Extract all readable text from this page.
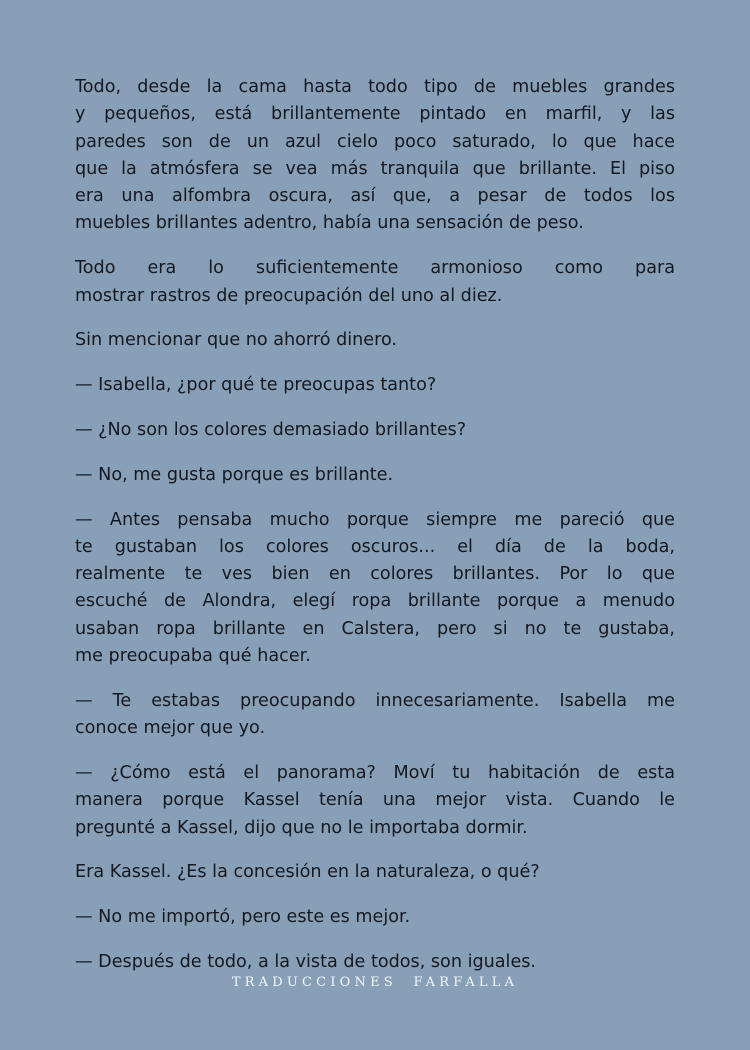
Todo, desde la cama hasta todo tipo de muebles grandes
y pequeños, está brillantemente pintado en marfil, y las
paredes son de un azul cielo poco saturado, lo que hace
que la atmósfera se vea más tranquila que brillante. El piso
era una alfombra oscura, así que, a pesar de todos los
muebles brillantes adentro, había una sensación de peso.
Todo era lo suficientemente armonioso como para
mostrar rastros de preocupación del uno al diez.
Sin mencionar que no ahorró dinero.
— Isabella, ¿por qué te preocupas tanto?
— ¿No son los colores demasiado brillantes?
— No, me gusta porque es brillante.
— Antes pensaba mucho porque siempre me pareció que
te gustaban los colores oscuros... el día de la boda,
realmente te ves bien en colores brillantes. Por lo que
escuché de Alondra, elegí ropa brillante porque a menudo
usaban ropa brillante en Calstera, pero si no te gustaba,
me preocupaba qué hacer.
— Te estabas preocupando innecesariamente. Isabella me
conoce mejor que yo.
— ¿Cómo está el panorama? Moví tu habitación de esta
manera porque Kassel tenía una mejor vista. Cuando le
pregunté a Kassel, dijo que no le importaba dormir.
Era Kassel. ¿Es la concesión en la naturaleza, o qué?
— No me importó, pero este es mejor.
— Después de todo, a la vista de todos, son iguales.
TRADUCCIONES  FARFALLA
